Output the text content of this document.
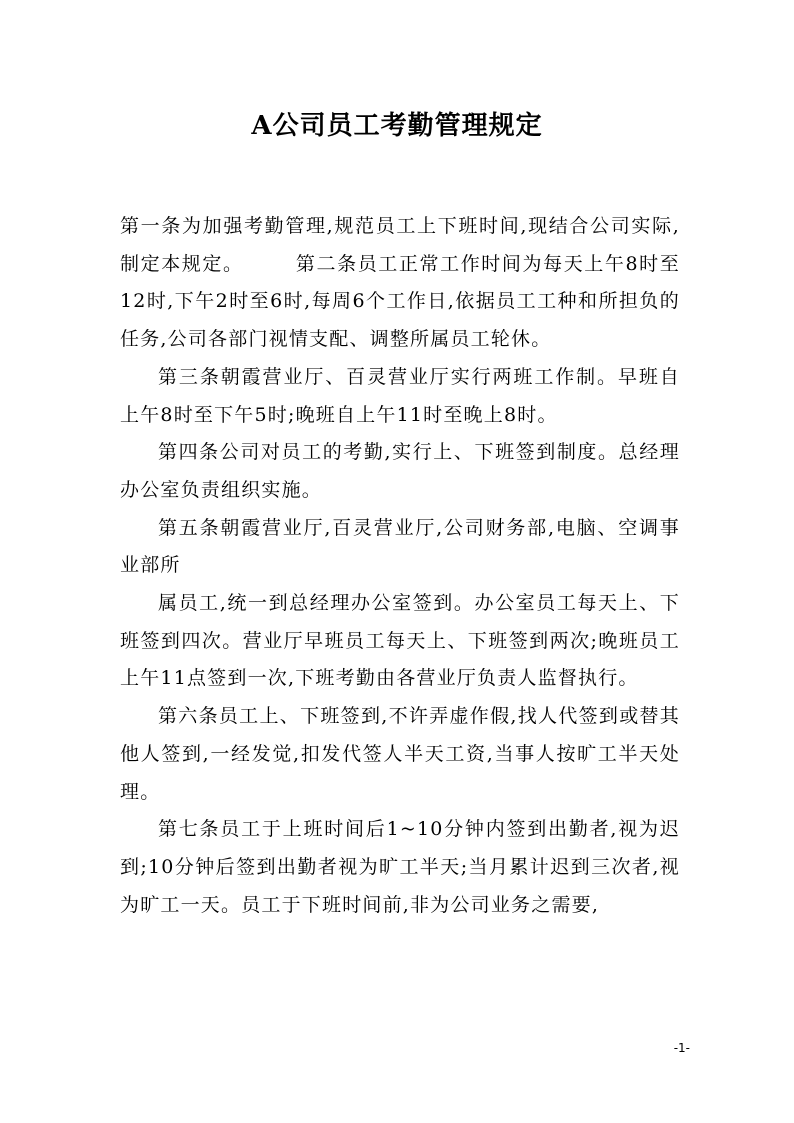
A公司员工考勤管理规定

第一条为加强考勤管理,规范员工上下班时间,现结合公司实际,制定本规定。　　　第二条员工正常工作时间为每天上午8时至12时,下午2时至6时,每周6个工作日,依据员工工种和所担负的任务,公司各部门视情支配、调整所属员工轮休。

第三条朝霞营业厅、百灵营业厅实行两班工作制。早班自上午8时至下午5时;晚班自上午11时至晚上8时。

第四条公司对员工的考勤,实行上、下班签到制度。总经理办公室负责组织实施。

第五条朝霞营业厅,百灵营业厅,公司财务部,电脑、空调事业部所

属员工,统一到总经理办公室签到。办公室员工每天上、下班签到四次。营业厅早班员工每天上、下班签到两次;晚班员工上午11点签到一次,下班考勤由各营业厅负责人监督执行。

第六条员工上、下班签到,不许弄虚作假,找人代签到或替其他人签到,一经发觉,扣发代签人半天工资,当事人按旷工半天处理。

第七条员工于上班时间后1~10分钟内签到出勤者,视为迟到;10分钟后签到出勤者视为旷工半天;当月累计迟到三次者,视为旷工一天。员工于下班时间前,非为公司业务之需要,

-1-
